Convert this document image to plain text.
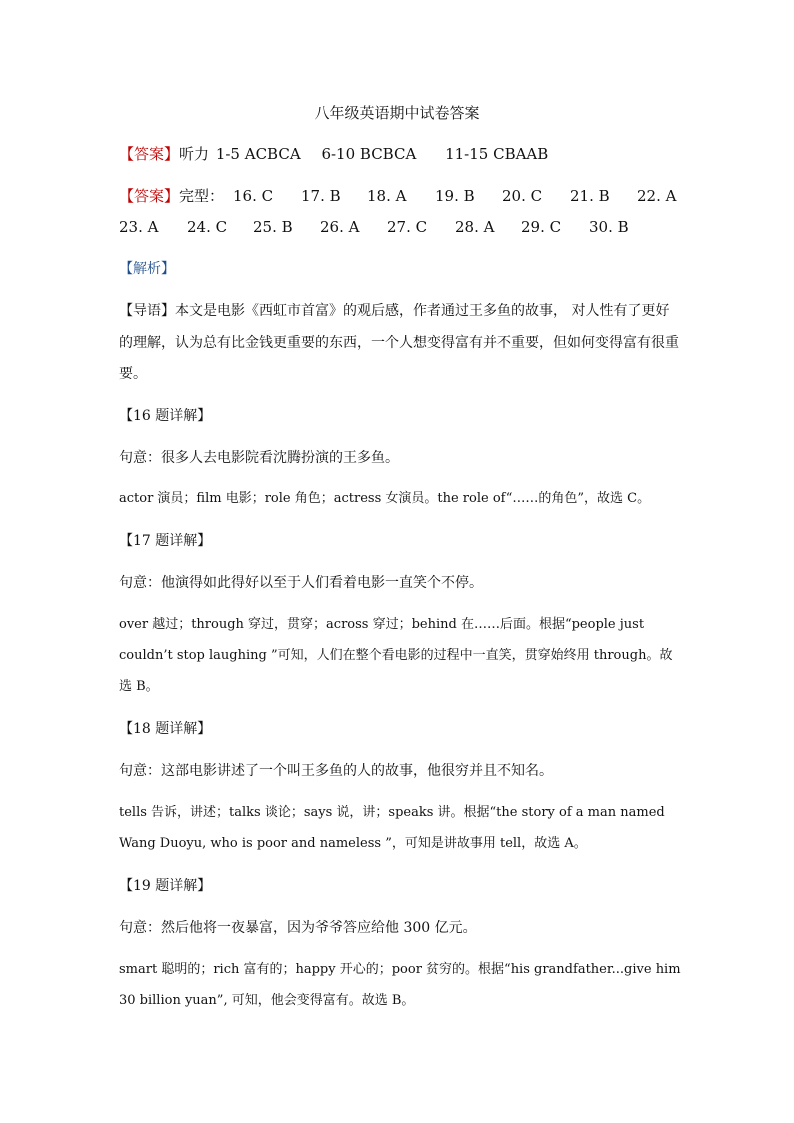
八年级英语期中试卷答案
【答案】听力 1-5 ACBCA 6-10 BCBCA 11-15 CBAAB
【答案】完型： 16. C 17. B 18. A 19. B 20. C 21. B 22. A
23. A 24. C 25. B 26. A 27. C 28. A 29. C 30. B
【解析】
【导语】本文是电影《西虹市首富》的观后感，作者通过王多鱼的故事， 对人性有了更好
的理解，认为总有比金钱更重要的东西，一个人想变得富有并不重要，但如何变得富有很重
要。
【16 题详解】
句意：很多人去电影院看沈腾扮演的王多鱼。
actor 演员；film 电影；role 角色；actress 女演员。the role of“……的角色”，故选 C。
【17 题详解】
句意：他演得如此得好以至于人们看着电影一直笑个不停。
over 越过；through 穿过，贯穿；across 穿过；behind 在……后面。根据“people just
couldn’t stop laughing ”可知，人们在整个看电影的过程中一直笑，贯穿始终用 through。故
选 B。
【18 题详解】
句意：这部电影讲述了一个叫王多鱼的人的故事，他很穷并且不知名。
tells 告诉，讲述；talks 谈论；says 说，讲；speaks 讲。根据“the story of a man named
Wang Duoyu, who is poor and nameless ”，可知是讲故事用 tell，故选 A。
【19 题详解】
句意：然后他将一夜暴富，因为爷爷答应给他 300 亿元。
smart 聪明的；rich 富有的；happy 开心的；poor 贫穷的。根据“his grandfather...give him
30 billion yuan”, 可知，他会变得富有。故选 B。
